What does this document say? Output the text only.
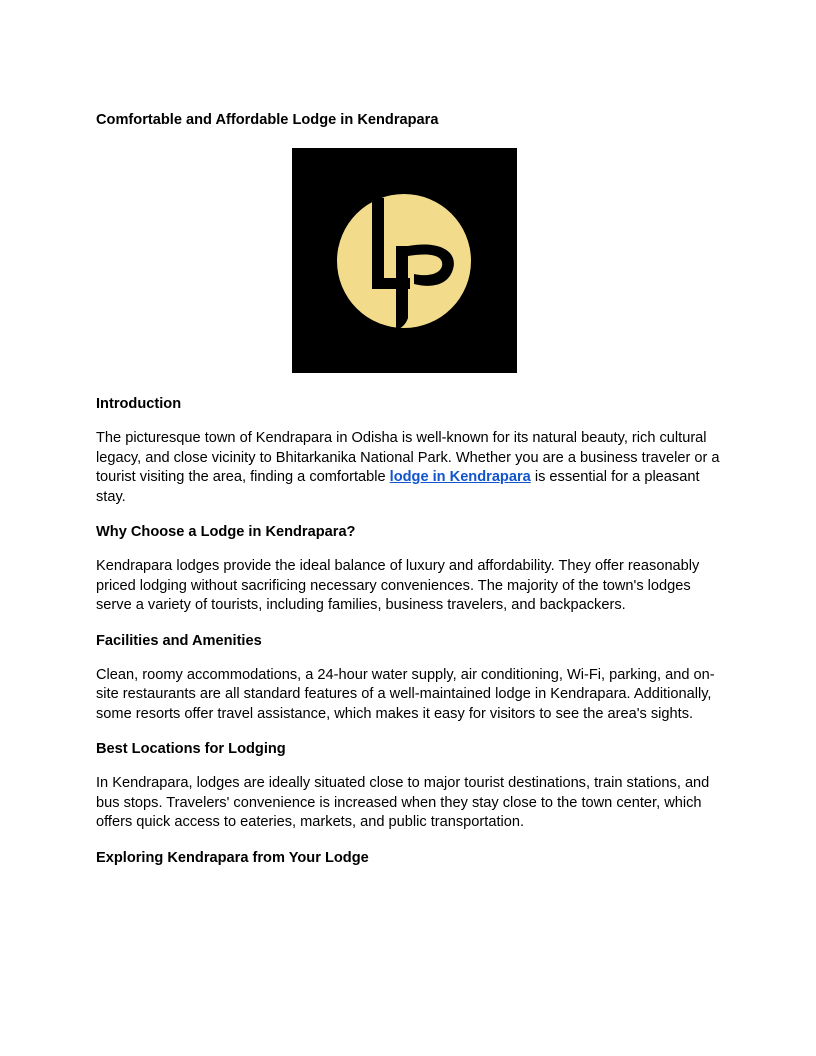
Comfortable and Affordable Lodge in Kendrapara
Introduction

The picturesque town of Kendrapara in Odisha is well-known for its natural beauty, rich cultural legacy, and close vicinity to Bhitarkanika National Park. Whether you are a business traveler or a tourist visiting the area, finding a comfortable lodge in Kendrapara is essential for a pleasant stay.

Why Choose a Lodge in Kendrapara?

Kendrapara lodges provide the ideal balance of luxury and affordability. They offer reasonably priced lodging without sacrificing necessary conveniences. The majority of the town's lodges serve a variety of tourists, including families, business travelers, and backpackers.

Facilities and Amenities

Clean, roomy accommodations, a 24-hour water supply, air conditioning, Wi-Fi, parking, and on-site restaurants are all standard features of a well-maintained lodge in Kendrapara. Additionally, some resorts offer travel assistance, which makes it easy for visitors to see the area's sights.

Best Locations for Lodging

In Kendrapara, lodges are ideally situated close to major tourist destinations, train stations, and bus stops. Travelers' convenience is increased when they stay close to the town center, which offers quick access to eateries, markets, and public transportation.

Exploring Kendrapara from Your Lodge
